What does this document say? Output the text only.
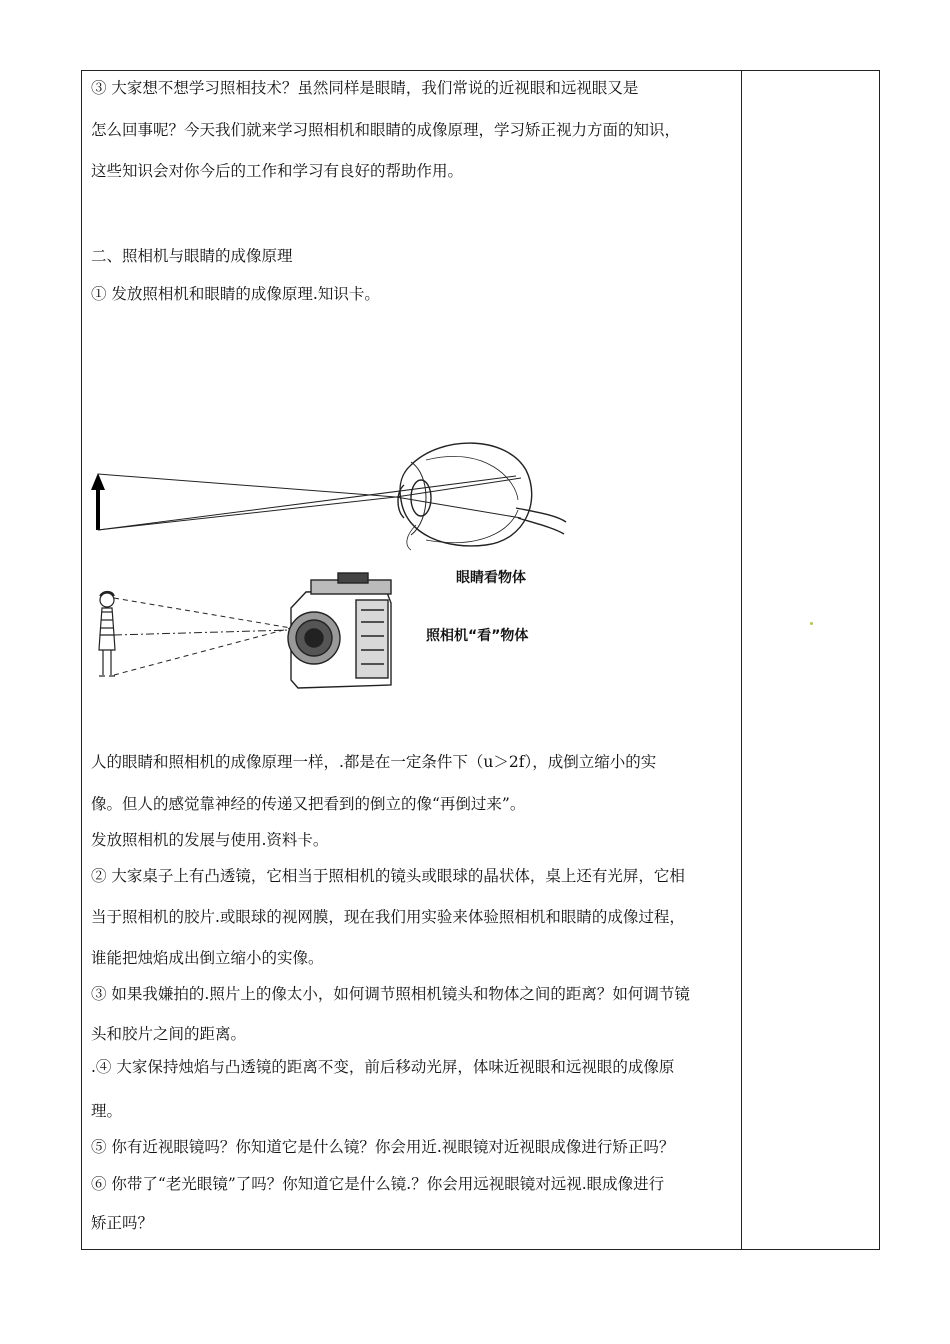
③ 大家想不想学习照相技术？虽然同样是眼睛，我们常说的近视眼和远视眼又是
怎么回事呢？今天我们就来学习照相机和眼睛的成像原理，学习矫正视力方面的知识，
这些知识会对你今后的工作和学习有良好的帮助作用。
二、照相机与眼睛的成像原理
① 发放照相机和眼睛的成像原理.知识卡。
眼睛看物体
照相机“看”物体
人的眼睛和照相机的成像原理一样，.都是在一定条件下（u＞2f），成倒立缩小的实
像。但人的感觉靠神经的传递又把看到的倒立的像“再倒过来”。
发放照相机的发展与使用.资料卡。
② 大家桌子上有凸透镜，它相当于照相机的镜头或眼球的晶状体，桌上还有光屏，它相
当于照相机的胶片.或眼球的视网膜，现在我们用实验来体验照相机和眼睛的成像过程，
谁能把烛焰成出倒立缩小的实像。
③ 如果我嫌拍的.照片上的像太小，如何调节照相机镜头和物体之间的距离？如何调节镜
头和胶片之间的距离。
.④ 大家保持烛焰与凸透镜的距离不变，前后移动光屏，体味近视眼和远视眼的成像原
理。
⑤ 你有近视眼镜吗？你知道它是什么镜？你会用近.视眼镜对近视眼成像进行矫正吗？
⑥ 你带了“老光眼镜”了吗？你知道它是什么镜.？你会用远视眼镜对远视.眼成像进行
矫正吗？
